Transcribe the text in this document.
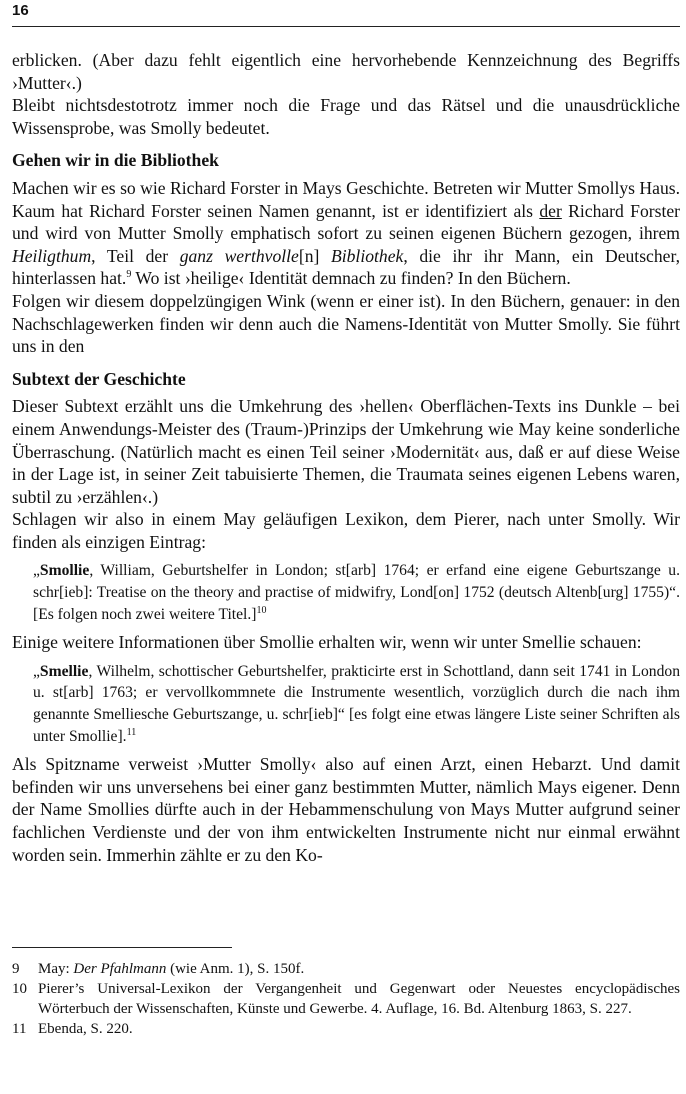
16

erblicken. (Aber dazu fehlt eigentlich eine hervorhebende Kennzeichnung des Begriffs ›Mutter‹.)

Bleibt nichtsdestotrotz immer noch die Frage und das Rätsel und die unausdrückliche Wissensprobe, was Smolly bedeutet.

Gehen wir in die Bibliothek

Machen wir es so wie Richard Forster in Mays Geschichte. Betreten wir Mutter Smollys Haus. Kaum hat Richard Forster seinen Namen genannt, ist er identifiziert als der Richard Forster und wird von Mutter Smolly emphatisch sofort zu seinen eigenen Büchern gezogen, ihrem Heiligthum, Teil der ganz werthvolle[n] Bibliothek, die ihr ihr Mann, ein Deutscher, hinterlassen hat.$^9$ Wo ist ›heilige‹ Identität demnach zu finden? In den Büchern.

Folgen wir diesem doppelzüngigen Wink (wenn er einer ist). In den Büchern, genauer: in den Nachschlagewerken finden wir denn auch die Namens-Identität von Mutter Smolly. Sie führt uns in den

Subtext der Geschichte

Dieser Subtext erzählt uns die Umkehrung des ›hellen‹ Oberflächen-Texts ins Dunkle – bei einem Anwendungs-Meister des (Traum-)Prinzips der Umkehrung wie May keine sonderliche Überraschung. (Natürlich macht es einen Teil seiner ›Modernität‹ aus, daß er auf diese Weise in der Lage ist, in seiner Zeit tabuisierte Themen, die Traumata seines eigenen Lebens waren, subtil zu ›erzählen‹.)

Schlagen wir also in einem May geläufigen Lexikon, dem Pierer, nach unter Smolly. Wir finden als einzigen Eintrag:

„Smollie, William, Geburtshelfer in London; st[arb] 1764; er erfand eine eigene Geburtszange u. schr[ieb]: Treatise on the theory and practise of midwifry, Lond[on] 1752 (deutsch Altenb[urg] 1755)“. [Es folgen noch zwei weitere Titel.]$^{10}$

Einige weitere Informationen über Smollie erhalten wir, wenn wir unter Smellie schauen:

„Smellie, Wilhelm, schottischer Geburtshelfer, prakticirte erst in Schottland, dann seit 1741 in London u. st[arb] 1763; er vervollkommnete die Instrumente wesentlich, vorzüglich durch die nach ihm genannte Smelliesche Geburtszange, u. schr[ieb]“ [es folgt eine etwas längere Liste seiner Schriften als unter Smollie].$^{11}$

Als Spitzname verweist ›Mutter Smolly‹ also auf einen Arzt, einen Hebarzt. Und damit befinden wir uns unversehens bei einer ganz bestimmten Mutter, nämlich Mays eigener. Denn der Name Smollies dürfte auch in der Hebammenschulung von Mays Mutter aufgrund seiner fachlichen Verdienste und der von ihm entwickelten Instrumente nicht nur einmal erwähnt worden sein. Immerhin zählte er zu den Ko-

9	May: Der Pfahlmann (wie Anm. 1), S. 150f.
10 Pierer’s Universal-Lexikon der Vergangenheit und Gegenwart oder Neuestes encyclopädisches Wörterbuch der Wissenschaften, Künste und Gewerbe. 4. Auflage, 16. Bd. Altenburg 1863, S. 227.
11 Ebenda, S. 220.
